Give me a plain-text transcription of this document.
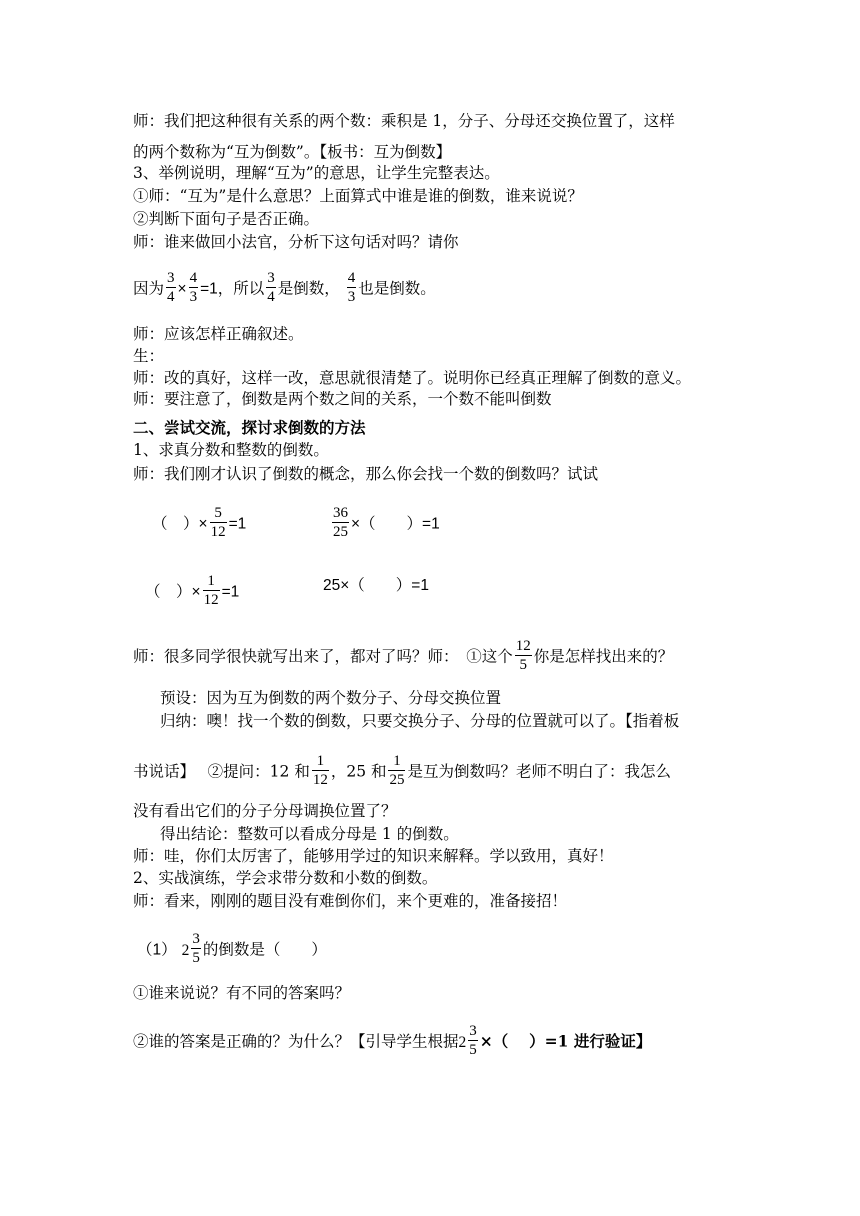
师：我们把这种很有关系的两个数：乘积是 1，分子、分母还交换位置了，这样
的两个数称为“互为倒数”。【板书：互为倒数】
3、举例说明，理解“互为”的意思，让学生完整表达。
①师：“互为”是什么意思？上面算式中谁是谁的倒数，谁来说说？
②判断下面句子是否正确。
师：谁来做回小法官，分析下这句话对吗？请你
因为 $\frac{3}{4} \times \frac{4}{3} =1$，所以 $\frac{3}{4}$ 是倒数， $\frac{4}{3}$ 也是倒数。
师：应该怎样正确叙述。
生：
师：改的真好，这样一改，意思就很清楚了。说明你已经真正理解了倒数的意义。
师：要注意了，倒数是两个数之间的关系，一个数不能叫倒数
二、尝试交流，探讨求倒数的方法
1、求真分数和整数的倒数。
师：我们刚才认识了倒数的概念，那么你会找一个数的倒数吗？试试
（　）× $\frac{5}{12} =1$	$\frac{36}{25}$ ×（　　）=1
（　）× $\frac{1}{12} =1$	25×（　　）=1
师：很多同学很快就写出来了，都对了吗？师：　①这个 $\frac{12}{5}$ 你是怎样找出来的？
预设：因为互为倒数的两个数分子、分母交换位置
归纳：噢！找一个数的倒数，只要交换分子、分母的位置就可以了。【指着板
书说话】　 ②提问：12 和 $\frac{1}{12}$ ，25 和 $\frac{1}{25}$ 是互为倒数吗？老师不明白了：我怎么
没有看出它们的分子分母调换位置了？
得出结论：整数可以看成分母是 1 的倒数。
师：哇，你们太厉害了，能够用学过的知识来解释。学以致用，真好！
2、实战演练，学会求带分数和小数的倒数。
师：看来，刚刚的题目没有难倒你们，来个更难的，准备接招！
（1） $2 \frac{3}{5}$ 的倒数是（　　）
①谁来说说？有不同的答案吗？
②谁的答案是正确的？为什么？【引导学生根据$2 \frac{3}{5}$ ×（　 ）=1 进行验证】
